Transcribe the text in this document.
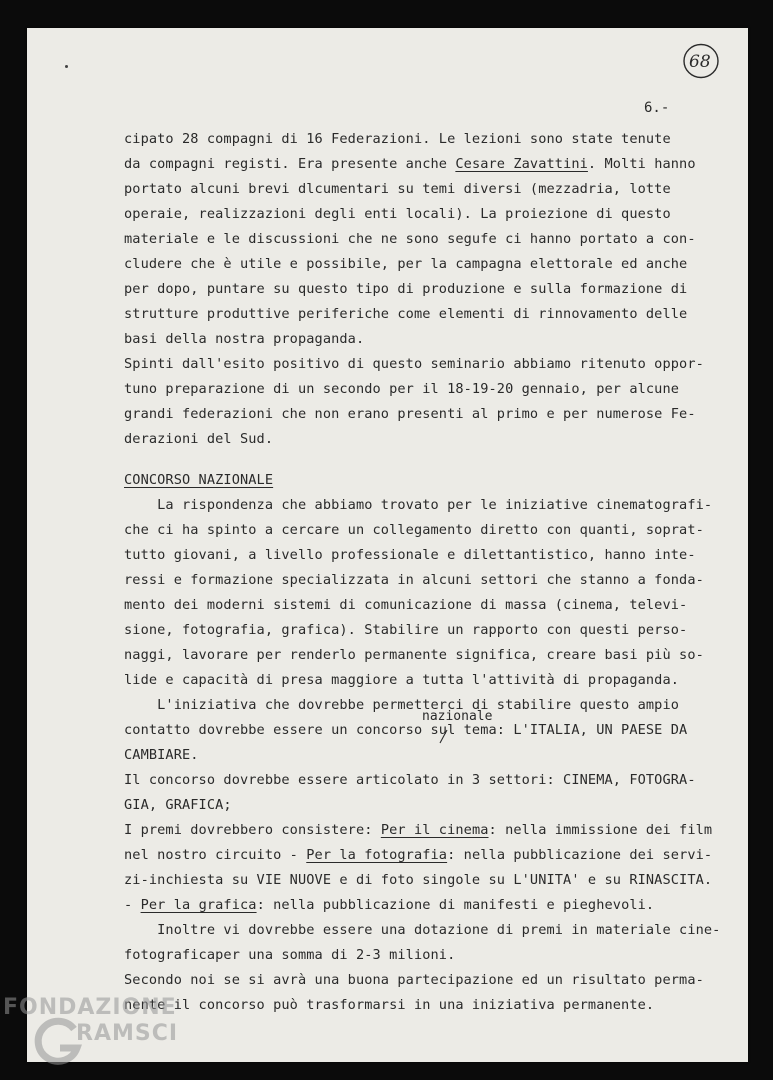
68
6.-
cipato 28 compagni di 16 Federazioni. Le lezioni sono state tenute
da compagni registi. Era presente anche Cesare Zavattini. Molti hanno
portato alcuni brevi dlcumentari su temi diversi (mezzadria, lotte
operaie, realizzazioni degli enti locali). La proiezione di questo
materiale e le discussioni che ne sono segufe ci hanno portato a con-
cludere che è utile e possibile, per la campagna elettorale ed anche
per dopo, puntare su questo tipo di produzione e sulla formazione di
strutture produttive periferiche come elementi di rinnovamento delle
basi della nostra propaganda.
Spinti dall'esito positivo di questo seminario abbiamo ritenuto oppor-
tuno preparazione di un secondo per il 18-19-20 gennaio, per alcune
grandi federazioni che non erano presenti al primo e per numerose Fe-
derazioni del Sud.
CONCORSO NAZIONALE
La rispondenza che abbiamo trovato per le iniziative cinematografi-
che ci ha spinto a cercare un collegamento diretto con quanti, soprat-
tutto giovani, a livello professionale e dilettantistico, hanno inte-
ressi e formazione specializzata in alcuni settori che stanno a fonda-
mento dei moderni sistemi di comunicazione di massa (cinema, televi-
sione, fotografia, grafica). Stabilire un rapporto con questi perso-
naggi, lavorare per renderlo permanente significa, creare basi più so-
lide e capacità di presa maggiore a tutta l'attività di propaganda.
L'iniziativa che dovrebbe permetterci di stabilire questo ampio
nazionale
contatto dovrebbe essere un concorso sul tema: L'ITALIA, UN PAESE DA
CAMBIARE.
Il concorso dovrebbe essere articolato in 3 settori: CINEMA, FOTOGRA-
GIA, GRAFICA;
I premi dovrebbero consistere: Per il cinema: nella immissione dei film
nel nostro circuito - Per la fotografia: nella pubblicazione dei servi-
zi-inchiesta su VIE NUOVE e di foto singole su L'UNITA' e su RINASCITA.
- Per la grafica: nella pubblicazione di manifesti e pieghevoli.
Inoltre vi dovrebbe essere una dotazione di premi in materiale cine-
fotograficaper una somma di 2-3 milioni.
Secondo noi se si avrà una buona partecipazione ed un risultato perma-
nente il concorso può trasformarsi in una iniziativa permanente.
FONDAZIONE
RAMSCI
